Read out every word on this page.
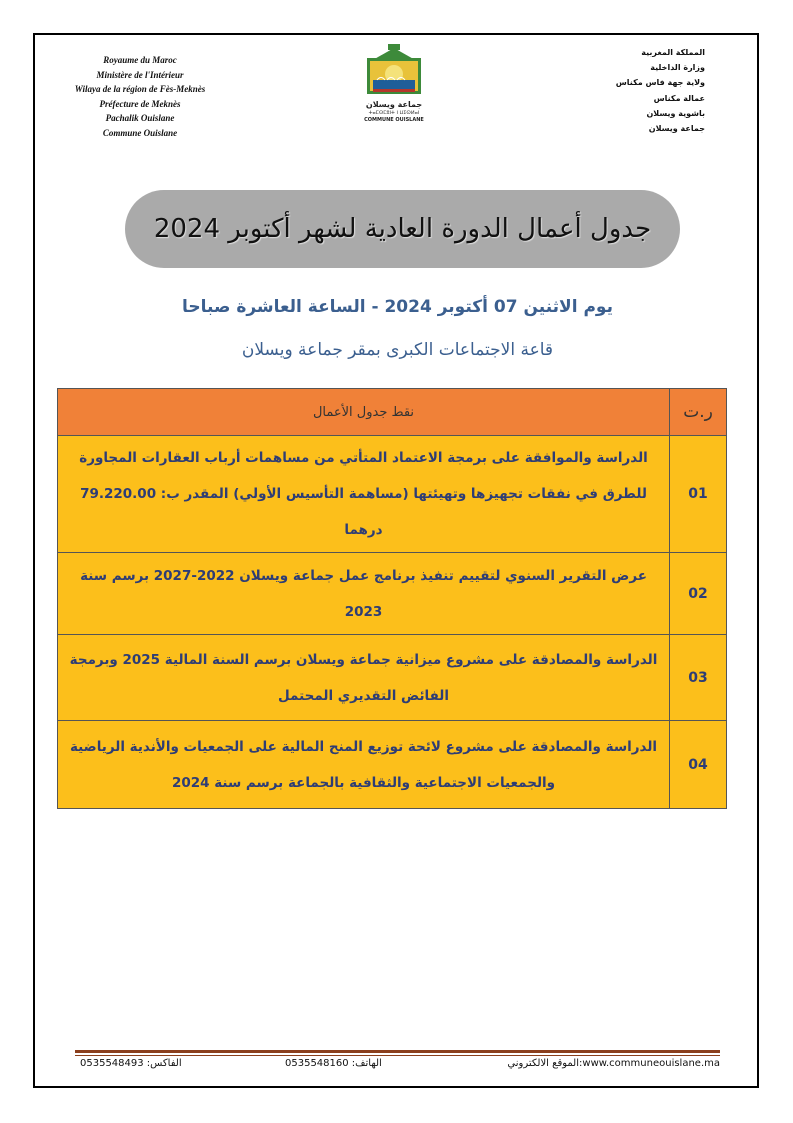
Royaume du Maroc
Ministère de l'Intérieur
Wilaya de la région de Fès-Meknès
Préfecture de Meknès
Pachalik Ouislane
Commune Ouislane
جماعة ويسلان
ⵜⴰⵎⵙⵎⵓⵏⵜ ⵏ ⵡⵉⵙⵍⴰⵏ
COMMUNE OUISLANE
المملكة المغربية
وزارة الداخلية
ولاية جهة فاس مكناس
عمالة مكناس
باشوية ويسلان
جماعة ويسلان
جدول أعمال الدورة العادية لشهر أكتوبر 2024
يوم الاثنين 07 أكتوبر 2024 - الساعة العاشرة صباحا
قاعة الاجتماعات الكبرى بمقر جماعة ويسلان
ر.ت	نقط جدول الأعمال
01	الدراسة والموافقة على برمجة الاعتماد المتأتي من مساهمات أرباب العقارات المجاورة للطرق في نفقات تجهيزها وتهيئتها (مساهمة التأسيس الأولي) المقدر ب: 79.220.00 درهما
02	عرض التقرير السنوي لتقييم تنفيذ برنامج عمل جماعة ويسلان 2022-2027 برسم سنة 2023
03	الدراسة والمصادقة على مشروع ميزانية جماعة ويسلان برسم السنة المالية 2025 وبرمجة الفائض التقديري المحتمل
04	الدراسة والمصادقة على مشروع لائحة توزيع المنح المالية على الجمعيات والأندية الرياضية والجمعيات الاجتماعية والثقافية بالجماعة برسم سنة 2024
الفاكس: 0535548493	الهاتف: 0535548160	الموقع الالكتروني:www.communeouislane.ma
